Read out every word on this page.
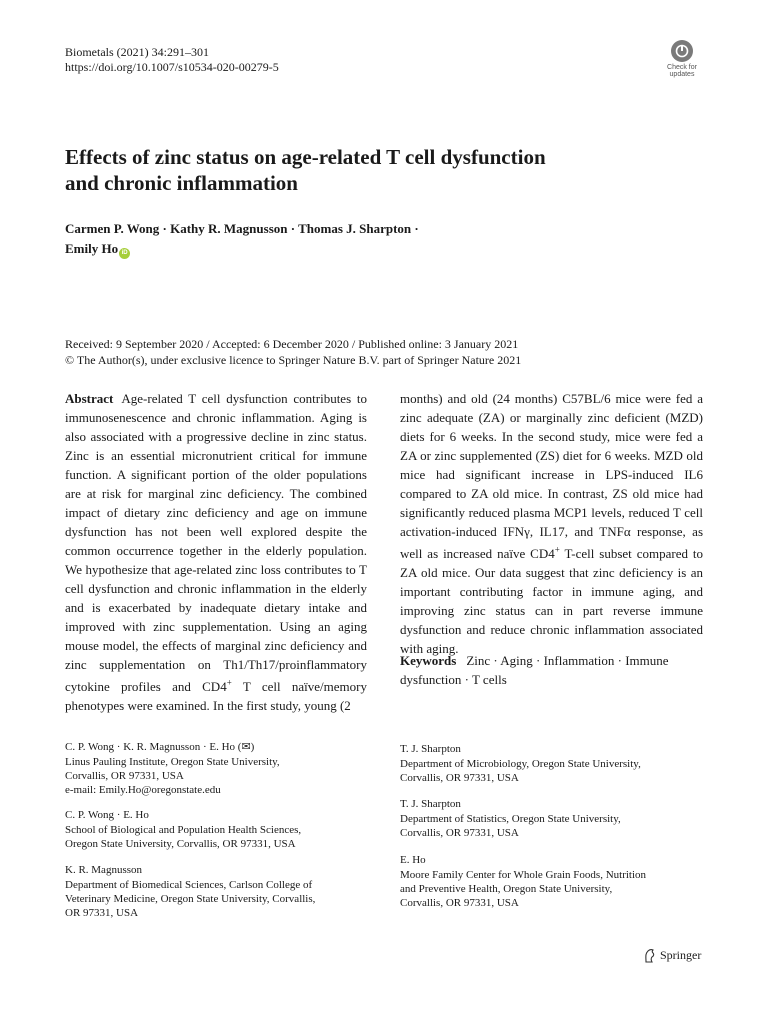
Biometals (2021) 34:291–301
https://doi.org/10.1007/s10534-020-00279-5	Check for
updates
Effects of zinc status on age-related T cell dysfunction
and chronic inflammation
Carmen P. Wong · Kathy R. Magnusson · Thomas J. Sharpton ·
Emily Ho iD
Received: 9 September 2020 / Accepted: 6 December 2020 / Published online: 3 January 2021
© The Author(s), under exclusive licence to Springer Nature B.V. part of Springer Nature 2021
Abstract Age-related T cell dysfunction contributes to immunosenescence and chronic inflammation. Aging is also associated with a progressive decline in zinc status. Zinc is an essential micronutrient critical for immune function. A significant portion of the older populations are at risk for marginal zinc deficiency. The combined impact of dietary zinc deficiency and age on immune dysfunction has not been well explored despite the common occurrence together in the elderly population. We hypothesize that age-related zinc loss contributes to T cell dysfunction and chronic inflammation in the elderly and is exacerbated by inadequate dietary intake and improved with zinc supplementation. Using an aging mouse model, the effects of marginal zinc deficiency and zinc supplementation on Th1/Th17/proinflammatory cytokine profiles and CD4+ T cell naïve/memory phenotypes were examined. In the first study, young (2
months) and old (24 months) C57BL/6 mice were fed a zinc adequate (ZA) or marginally zinc deficient (MZD) diets for 6 weeks. In the second study, mice were fed a ZA or zinc supplemented (ZS) diet for 6 weeks. MZD old mice had significant increase in LPS-induced IL6 compared to ZA old mice. In contrast, ZS old mice had significantly reduced plasma MCP1 levels, reduced T cell activation-induced IFNγ, IL17, and TNFα response, as well as increased naïve CD4+ T-cell subset compared to ZA old mice. Our data suggest that zinc deficiency is an important contributing factor in immune aging, and improving zinc status can in part reverse immune dysfunction and reduce chronic inflammation associated with aging.
Keywords Zinc · Aging · Inflammation · Immune dysfunction · T cells
C. P. Wong · K. R. Magnusson · E. Ho (✉)
Linus Pauling Institute, Oregon State University,
Corvallis, OR 97331, USA
e-mail: Emily.Ho@oregonstate.edu
C. P. Wong · E. Ho
School of Biological and Population Health Sciences,
Oregon State University, Corvallis, OR 97331, USA
K. R. Magnusson
Department of Biomedical Sciences, Carlson College of
Veterinary Medicine, Oregon State University, Corvallis,
OR 97331, USA
T. J. Sharpton
Department of Microbiology, Oregon State University,
Corvallis, OR 97331, USA
T. J. Sharpton
Department of Statistics, Oregon State University,
Corvallis, OR 97331, USA
E. Ho
Moore Family Center for Whole Grain Foods, Nutrition
and Preventive Health, Oregon State University,
Corvallis, OR 97331, USA
Springer
